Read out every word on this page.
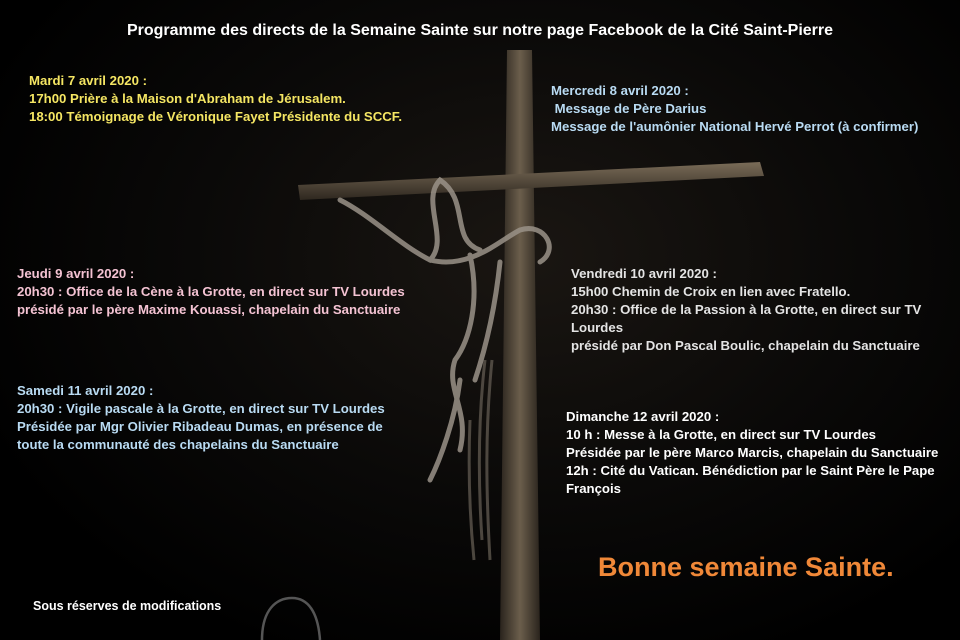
Programme des directs de la Semaine Sainte sur notre page Facebook de la Cité Saint-Pierre
Mardi 7 avril 2020 :
17h00 Prière à la Maison d'Abraham de Jérusalem.
18:00 Témoignage de Véronique Fayet Présidente du SCCF.
Mercredi 8 avril 2020 :
Message de Père Darius
Message de l'aumônier National Hervé Perrot (à confirmer)
Jeudi 9 avril 2020 :
20h30 : Office de la Cène à la Grotte, en direct sur TV Lourdes
présidé par le père Maxime Kouassi, chapelain du Sanctuaire
Vendredi 10 avril 2020 :
15h00 Chemin de Croix en lien avec Fratello.
20h30 : Office de la Passion à la Grotte, en direct sur TV
Lourdes
présidé par Don Pascal Boulic, chapelain du Sanctuaire
Samedi 11 avril 2020 :
20h30 : Vigile pascale à la Grotte, en direct sur TV Lourdes
Présidée par Mgr Olivier Ribadeau Dumas, en présence de
toute la communauté des chapelains du Sanctuaire
Dimanche 12 avril 2020 :
10 h : Messe à la Grotte, en direct sur TV Lourdes
Présidée par le père Marco Marcis, chapelain du Sanctuaire
12h : Cité du Vatican. Bénédiction par le Saint Père le Pape
François
Bonne semaine Sainte.
Sous réserves de modifications
